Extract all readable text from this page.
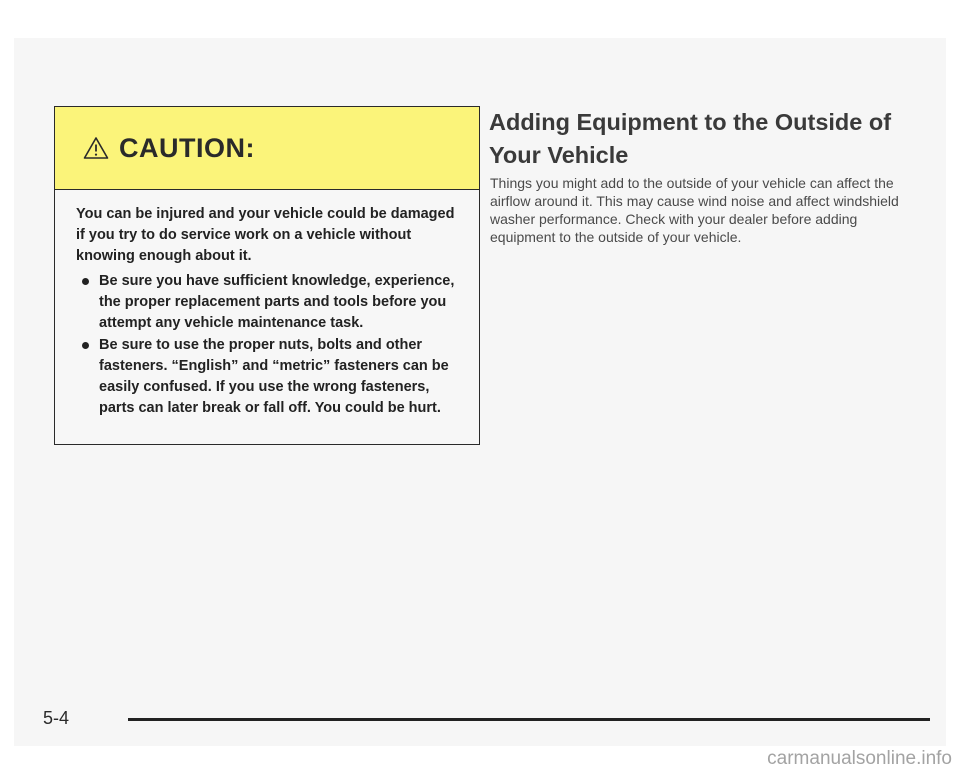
CAUTION:

You can be injured and your vehicle could be damaged if you try to do service work on a vehicle without knowing enough about it.

Be sure you have sufficient knowledge, experience, the proper replacement parts and tools before you attempt any vehicle maintenance task.
Be sure to use the proper nuts, bolts and other fasteners. “English” and “metric” fasteners can be easily confused. If you use the wrong fasteners, parts can later break or fall off. You could be hurt.
Adding Equipment to the Outside of Your Vehicle

Things you might add to the outside of your vehicle can affect the airflow around it. This may cause wind noise and affect windshield washer performance. Check with your dealer before adding equipment to the outside of your vehicle.

5-4
carmanualsonline.info
